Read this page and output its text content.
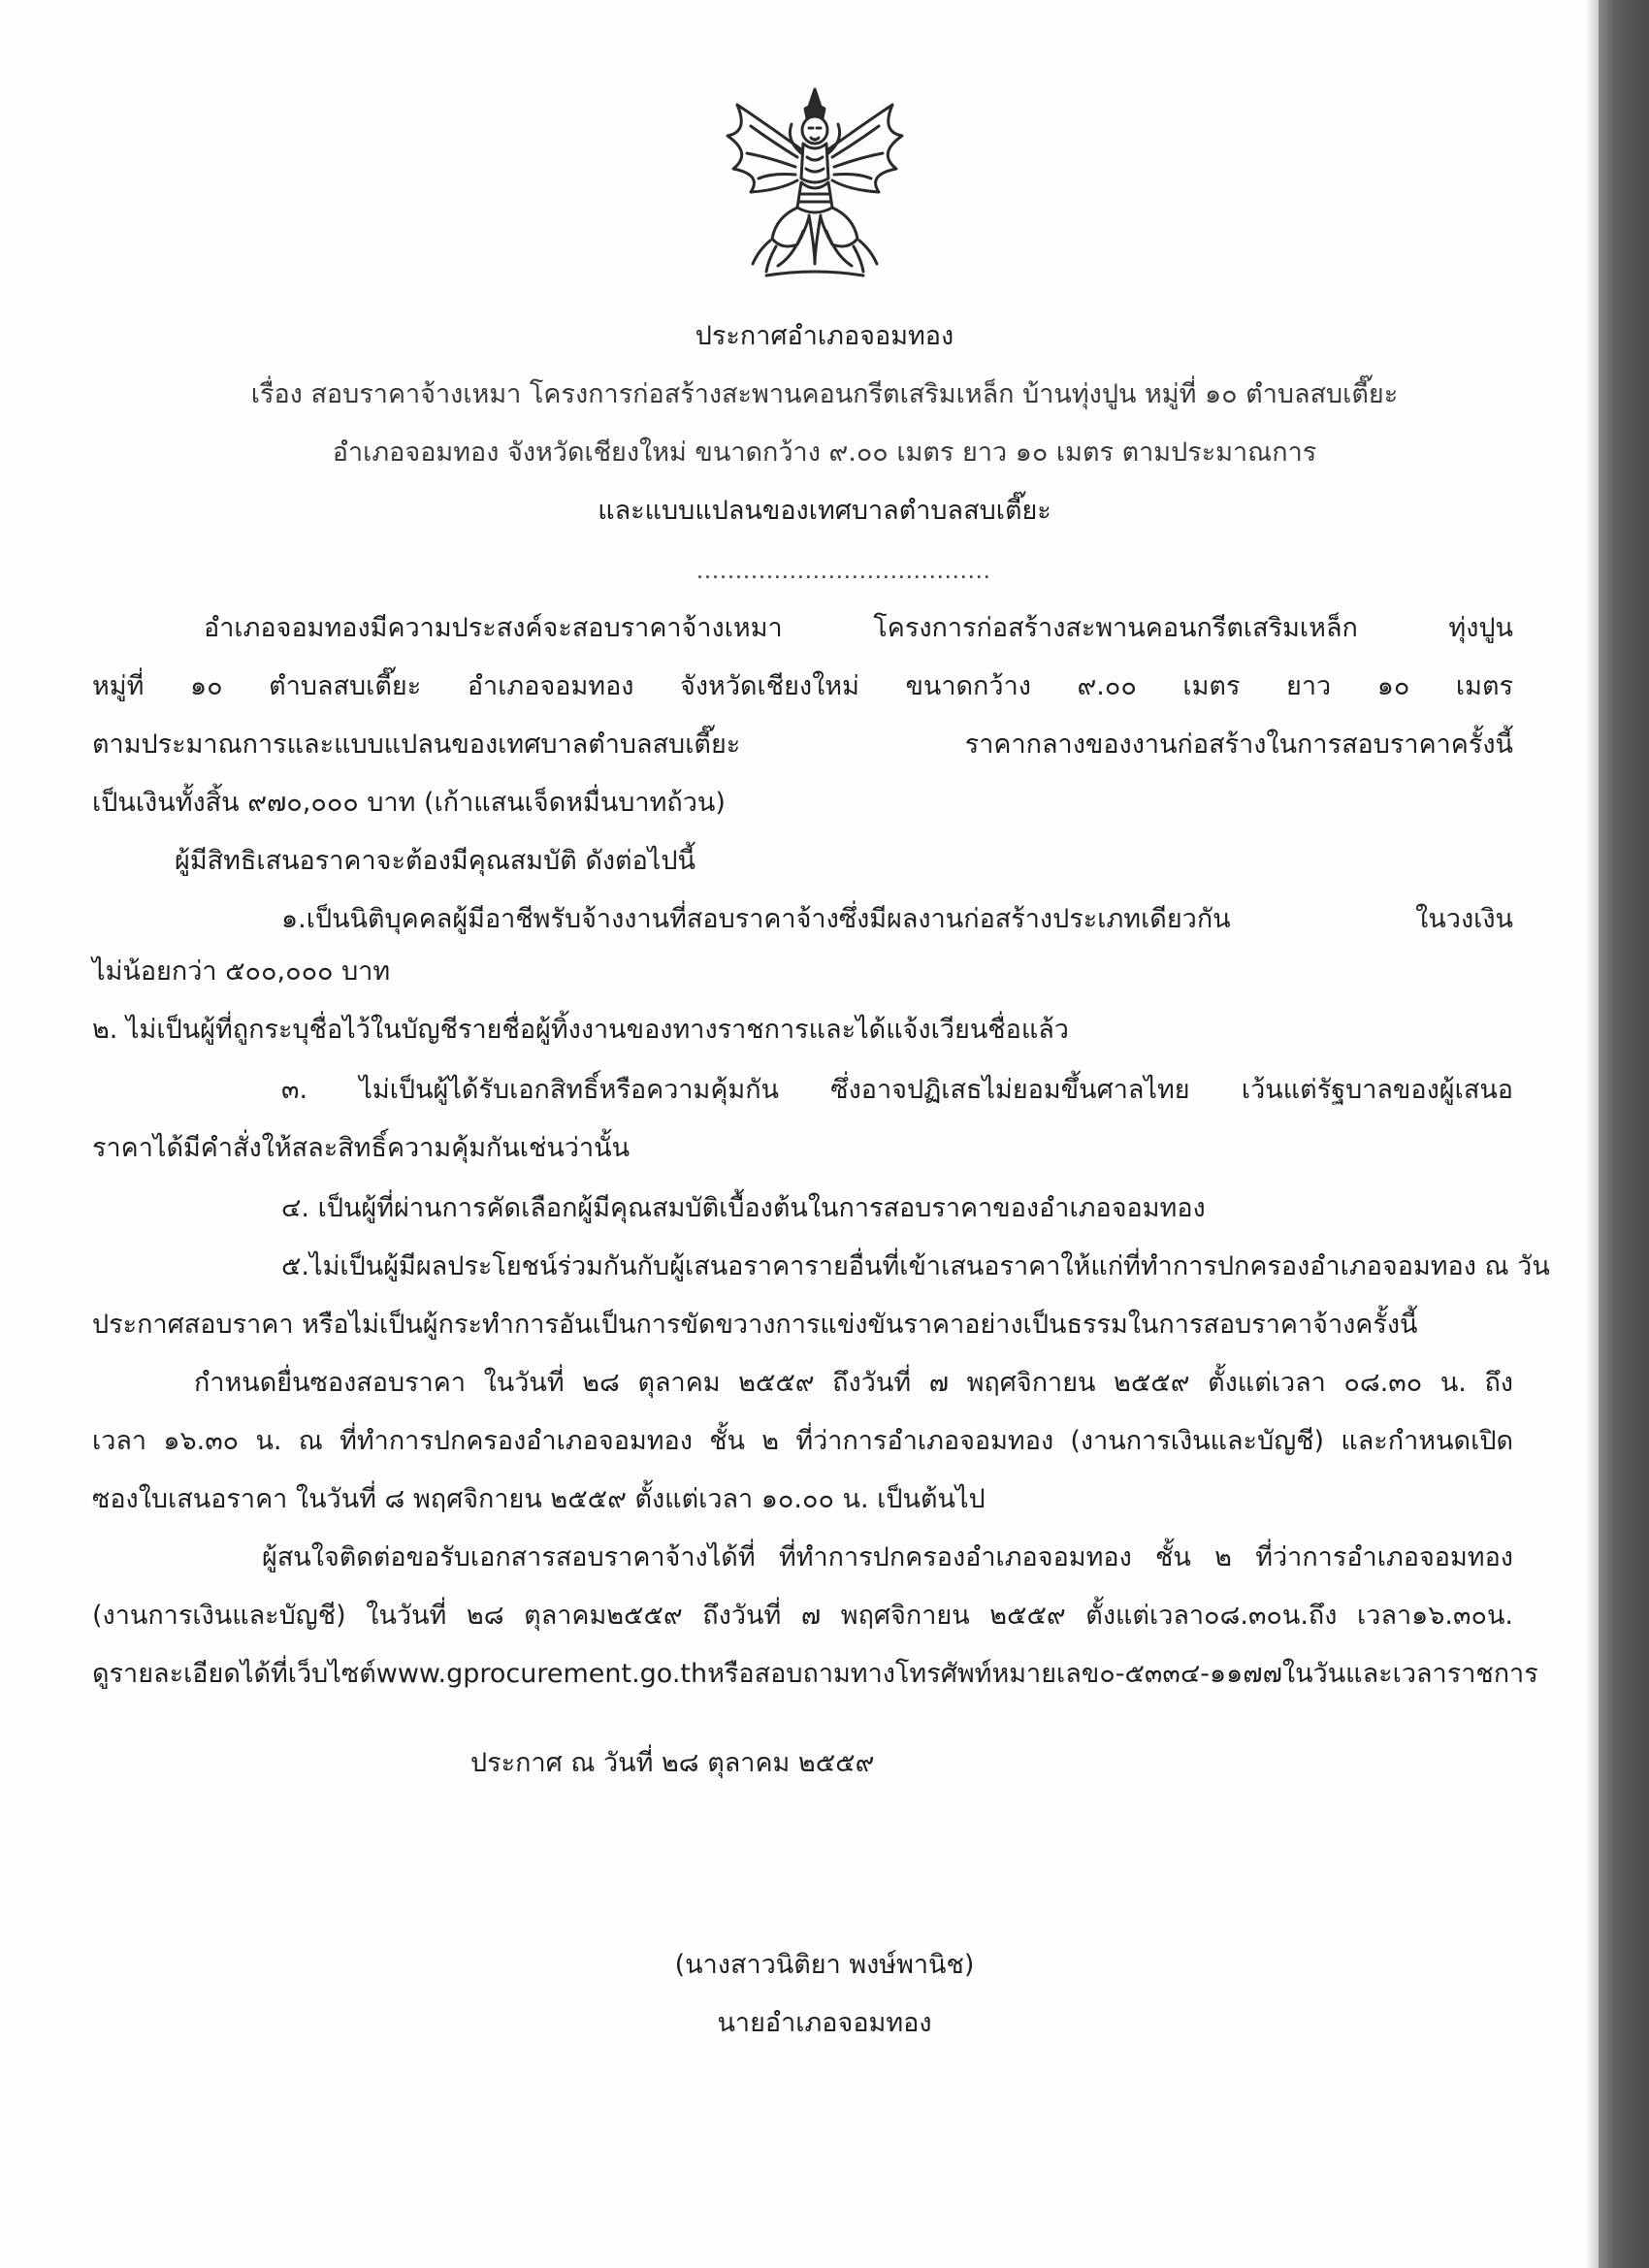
ประกาศอำเภอจอมทอง

เรื่อง สอบราคาจ้างเหมา โครงการก่อสร้างสะพานคอนกรีตเสริมเหล็ก บ้านทุ่งปูน หมู่ที่ ๑๐ ตำบลสบเตี๊ยะ

อำเภอจอมทอง จังหวัดเชียงใหม่ ขนาดกว้าง ๙.๐๐ เมตร ยาว ๑๐ เมตร ตามประมาณการ

และแบบแปลนของเทศบาลตำบลสบเตี๊ยะ

......................................

อำเภอจอมทองมีความประสงค์จะสอบราคาจ้างเหมา โครงการก่อสร้างสะพานคอนกรีตเสริมเหล็ก ทุ่งปูน

หมู่ที่ ๑๐ ตำบลสบเตี๊ยะ อำเภอจอมทอง จังหวัดเชียงใหม่ ขนาดกว้าง ๙.๐๐ เมตร ยาว ๑๐ เมตร

ตามประมาณการและแบบแปลนของเทศบาลตำบลสบเตี๊ยะ ราคากลางของงานก่อสร้างในการสอบราคาครั้งนี้

เป็นเงินทั้งสิ้น ๙๗๐,๐๐๐ บาท (เก้าแสนเจ็ดหมื่นบาทถ้วน)

ผู้มีสิทธิเสนอราคาจะต้องมีคุณสมบัติ ดังต่อไปนี้

๑.เป็นนิติบุคคลผู้มีอาชีพรับจ้างงานที่สอบราคาจ้างซึ่งมีผลงานก่อสร้างประเภทเดียวกัน ในวงเงิน

ไม่น้อยกว่า ๕๐๐,๐๐๐ บาท

๒. ไม่เป็นผู้ที่ถูกระบุชื่อไว้ในบัญชีรายชื่อผู้ทิ้งงานของทางราชการและได้แจ้งเวียนชื่อแล้ว

๓. ไม่เป็นผู้ได้รับเอกสิทธิ์หรือความคุ้มกัน ซึ่งอาจปฏิเสธไม่ยอมขึ้นศาลไทย เว้นแต่รัฐบาลของผู้เสนอ

ราคาได้มีคำสั่งให้สละสิทธิ์ความคุ้มกันเช่นว่านั้น

๔. เป็นผู้ที่ผ่านการคัดเลือกผู้มีคุณสมบัติเบื้องต้นในการสอบราคาของอำเภอจอมทอง

๕.ไม่เป็นผู้มีผลประโยชน์ร่วมกันกับผู้เสนอราคารายอื่นที่เข้าเสนอราคาให้แก่ที่ทำการปกครองอำเภอจอมทอง ณ วัน

ประกาศสอบราคา หรือไม่เป็นผู้กระทำการอันเป็นการขัดขวางการแข่งขันราคาอย่างเป็นธรรมในการสอบราคาจ้างครั้งนี้

กำหนดยื่นซองสอบราคา ในวันที่ ๒๘ ตุลาคม ๒๕๕๙ ถึงวันที่ ๗ พฤศจิกายน ๒๕๕๙ ตั้งแต่เวลา ๐๘.๓๐ น. ถึง

เวลา ๑๖.๓๐ น. ณ ที่ทำการปกครองอำเภอจอมทอง ชั้น ๒ ที่ว่าการอำเภอจอมทอง (งานการเงินและบัญชี) และกำหนดเปิด

ซองใบเสนอราคา ในวันที่ ๘ พฤศจิกายน ๒๕๕๙ ตั้งแต่เวลา ๑๐.๐๐ น. เป็นต้นไป

ผู้สนใจติดต่อขอรับเอกสารสอบราคาจ้างได้ที่ ที่ทำการปกครองอำเภอจอมทอง ชั้น ๒ ที่ว่าการอำเภอจอมทอง

(งานการเงินและบัญชี) ในวันที่ ๒๘ ตุลาคม๒๕๕๙ ถึงวันที่ ๗ พฤศจิกายน ๒๕๕๙ ตั้งแต่เวลา๐๘.๓๐น.ถึง เวลา๑๖.๓๐น.

ดูรายละเอียดได้ที่เว็บไซต์www.gprocurement.go.thหรือสอบถามทางโทรศัพท์หมายเลข๐-๕๓๓๔-๑๑๗๗ในวันและเวลาราชการ

ประกาศ ณ วันที่ ๒๘ ตุลาคม ๒๕๕๙

(นางสาวนิติยา พงษ์พานิช)

นายอำเภอจอมทอง
